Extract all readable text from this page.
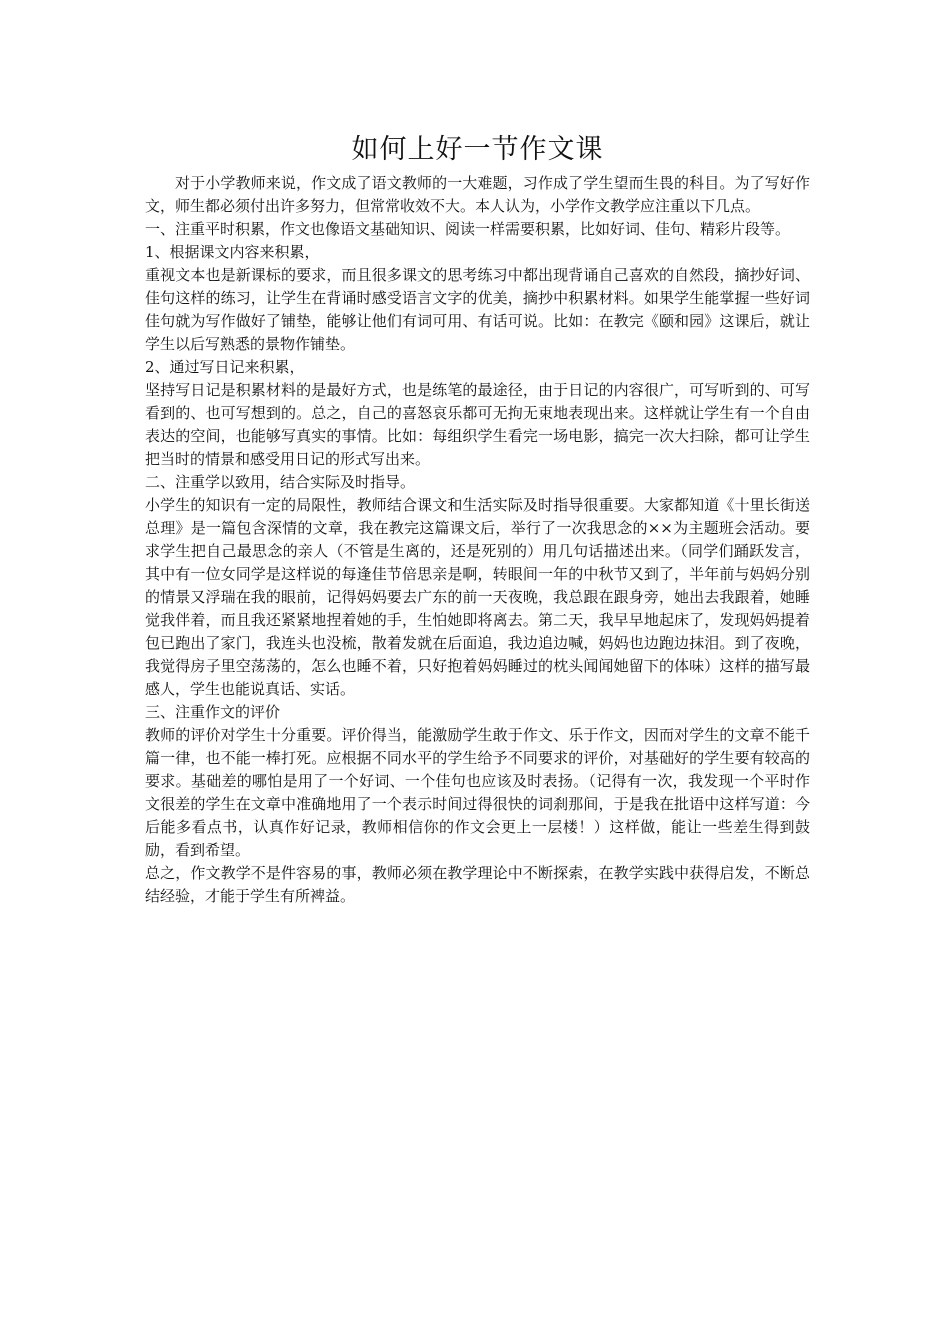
如何上好一节作文课

对于小学教师来说，作文成了语文教师的一大难题，习作成了学生望而生畏的科目。为了写好作文，师生都必须付出许多努力，但常常收效不大。本人认为，小学作文教学应注重以下几点。

一、注重平时积累，作文也像语文基础知识、阅读一样需要积累，比如好词、佳句、精彩片段等。

1、根据课文内容来积累，

重视文本也是新课标的要求，而且很多课文的思考练习中都出现背诵自己喜欢的自然段，摘抄好词、佳句这样的练习，让学生在背诵时感受语言文字的优美，摘抄中积累材料。如果学生能掌握一些好词佳句就为写作做好了铺垫，能够让他们有词可用、有话可说。比如：在教完《颐和园》这课后，就让学生以后写熟悉的景物作铺垫。

2、通过写日记来积累，

坚持写日记是积累材料的是最好方式，也是练笔的最途径，由于日记的内容很广，可写听到的、可写看到的、也可写想到的。总之，自己的喜怒哀乐都可无拘无束地表现出来。这样就让学生有一个自由表达的空间，也能够写真实的事情。比如：每组织学生看完一场电影，搞完一次大扫除，都可让学生把当时的情景和感受用日记的形式写出来。

二、注重学以致用，结合实际及时指导。

小学生的知识有一定的局限性，教师结合课文和生活实际及时指导很重要。大家都知道《十里长街送总理》是一篇包含深情的文章，我在教完这篇课文后，举行了一次我思念的××为主题班会活动。要求学生把自己最思念的亲人（不管是生离的，还是死别的）用几句话描述出来。（同学们踊跃发言，其中有一位女同学是这样说的每逢佳节倍思亲是啊，转眼间一年的中秋节又到了，半年前与妈妈分别的情景又浮瑞在我的眼前，记得妈妈要去广东的前一天夜晚，我总跟在跟身旁，她出去我跟着，她睡觉我伴着，而且我还紧紧地捏着她的手，生怕她即将离去。第二天，我早早地起床了，发现妈妈提着包已跑出了家门，我连头也没梳，散着发就在后面追，我边追边喊，妈妈也边跑边抹泪。到了夜晚，我觉得房子里空荡荡的，怎么也睡不着，只好抱着妈妈睡过的枕头闻闻她留下的体味）这样的描写最感人，学生也能说真话、实话。

三、注重作文的评价

教师的评价对学生十分重要。评价得当，能激励学生敢于作文、乐于作文，因而对学生的文章不能千篇一律，也不能一棒打死。应根据不同水平的学生给予不同要求的评价，对基础好的学生要有较高的要求。基础差的哪怕是用了一个好词、一个佳句也应该及时表扬。（记得有一次，我发现一个平时作文很差的学生在文章中准确地用了一个表示时间过得很快的词刹那间，于是我在批语中这样写道：今后能多看点书，认真作好记录，教师相信你的作文会更上一层楼！）这样做，能让一些差生得到鼓励，看到希望。

总之，作文教学不是件容易的事，教师必须在教学理论中不断探索，在教学实践中获得启发，不断总结经验，才能于学生有所裨益。
